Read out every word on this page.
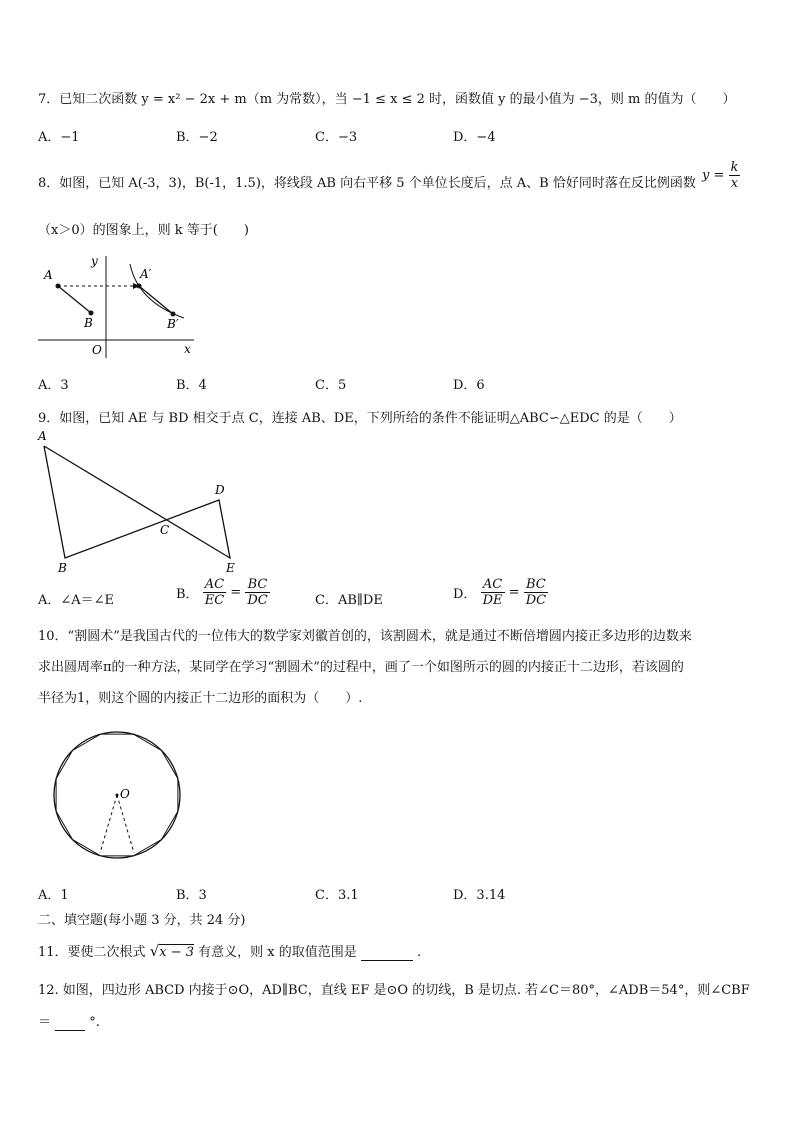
7．已知二次函数 y = x² − 2x + m（m 为常数），当 −1 ≤ x ≤ 2 时，函数值 y 的最小值为 −3，则 m 的值为（　　）
A．−1	B．−2	C．−3	D．−4
8．如图，已知 A(-3，3)，B(-1，1.5)，将线段 AB 向右平移 5 个单位长度后，点 A、B 恰好同时落在反比例函数
$y = \frac{k}{x}$
（x＞0）的图象上，则 k 等于(　　)
A
B
A′
B′
O	x
y
A．3	B．4	C．5	D．6
9．如图，已知 AE 与 BD 相交于点 C，连接 AB、DE，下列所给的条件不能证明△ABC∽△EDC 的是（　　）
A
B
C
D
E
A．∠A＝∠E	B． $\frac{AC}{EC} = \frac{BC}{DC}$	C．AB∥DE	D． $\frac{AC}{DE} = \frac{BC}{DC}$
10．“割圆术”是我国古代的一位伟大的数学家刘徽首创的，该割圆术，就是通过不断倍增圆内接正多边形的边数来
求出圆周率π的一种方法，某同学在学习“割圆术”的过程中，画了一个如图所示的圆的内接正十二边形，若该圆的
半径为1，则这个圆的内接正十二边形的面积为（　　）.
O
A．1	B．3	C．3.1	D．3.14
二、填空题(每小题 3 分，共 24 分)
11．要使二次根式 √x − 3 有意义，则 x 的取值范围是	.
12. 如图，四边形 ABCD 内接于⊙O，AD∥BC，直线 EF 是⊙O 的切线，B 是切点. 若∠C＝80°，∠ADB＝54°，则∠CBF
＝	°.
